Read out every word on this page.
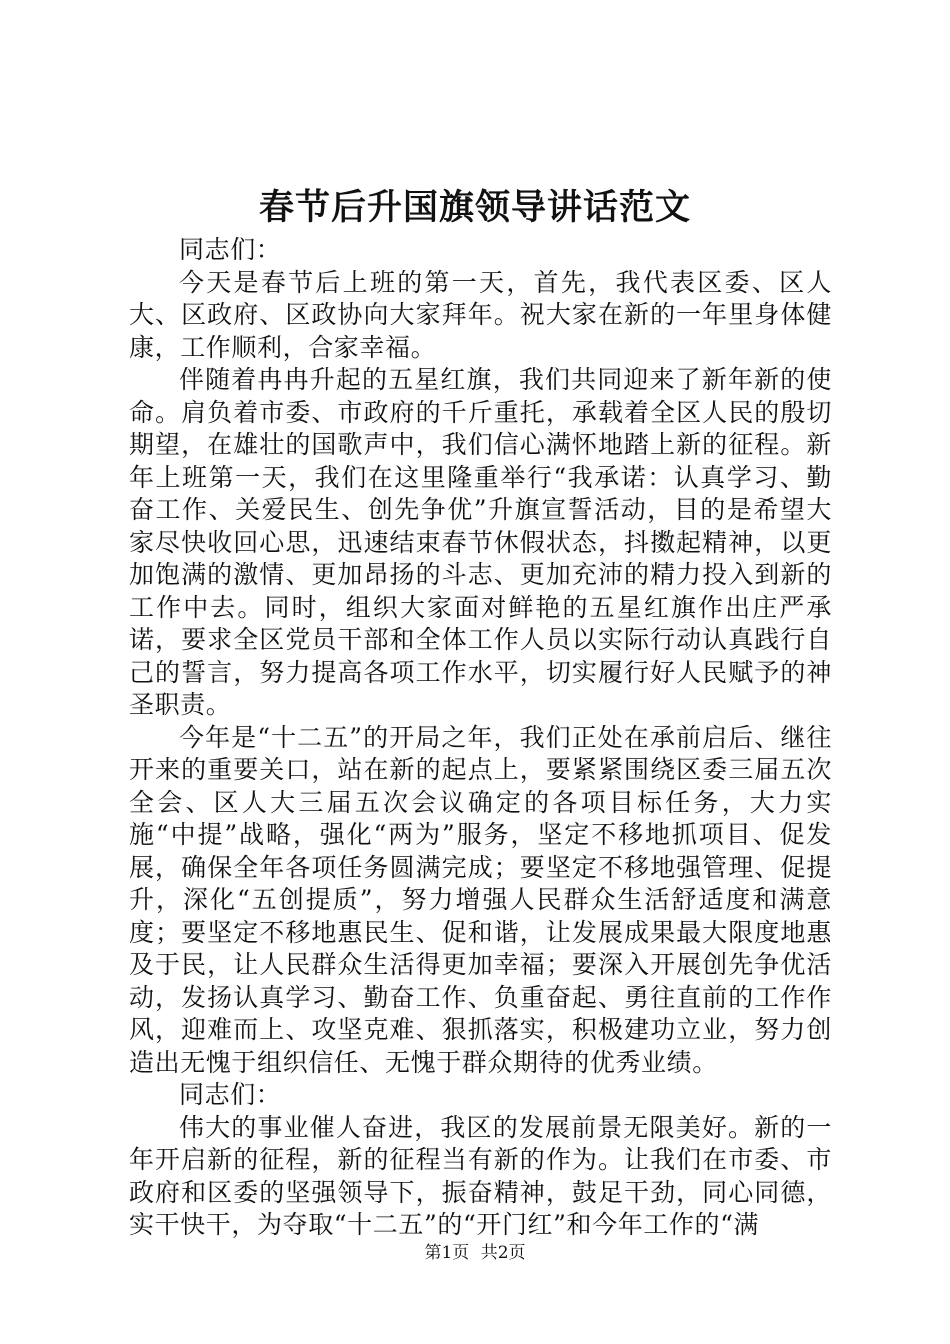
春节后升国旗领导讲话范文

同志们：

今天是春节后上班的第一天，首先，我代表区委、区人大、区政府、区政协向大家拜年。祝大家在新的一年里身体健康，工作顺利，合家幸福。

伴随着冉冉升起的五星红旗，我们共同迎来了新年新的使命。肩负着市委、市政府的千斤重托，承载着全区人民的殷切期望，在雄壮的国歌声中，我们信心满怀地踏上新的征程。新年上班第一天，我们在这里隆重举行“我承诺：认真学习、勤奋工作、关爱民生、创先争优”升旗宣誓活动，目的是希望大家尽快收回心思，迅速结束春节休假状态，抖擞起精神，以更加饱满的激情、更加昂扬的斗志、更加充沛的精力投入到新的工作中去。同时，组织大家面对鲜艳的五星红旗作出庄严承诺，要求全区党员干部和全体工作人员以实际行动认真践行自己的誓言，努力提高各项工作水平，切实履行好人民赋予的神圣职责。

今年是“十二五”的开局之年，我们正处在承前启后、继往开来的重要关口，站在新的起点上，要紧紧围绕区委三届五次全会、区人大三届五次会议确定的各项目标任务，大力实施“中提”战略，强化“两为”服务，坚定不移地抓项目、促发展，确保全年各项任务圆满完成；要坚定不移地强管理、促提升，深化“五创提质”，努力增强人民群众生活舒适度和满意度；要坚定不移地惠民生、促和谐，让发展成果最大限度地惠及于民，让人民群众生活得更加幸福；要深入开展创先争优活动，发扬认真学习、勤奋工作、负重奋起、勇往直前的工作作风，迎难而上、攻坚克难、狠抓落实，积极建功立业，努力创造出无愧于组织信任、无愧于群众期待的优秀业绩。

同志们：

伟大的事业催人奋进，我区的发展前景无限美好。新的一年开启新的征程，新的征程当有新的作为。让我们在市委、市政府和区委的坚强领导下，振奋精神，鼓足干劲，同心同德，实干快干，为夺取“十二五”的“开门红”和今年工作的“满

第1页 共2页
